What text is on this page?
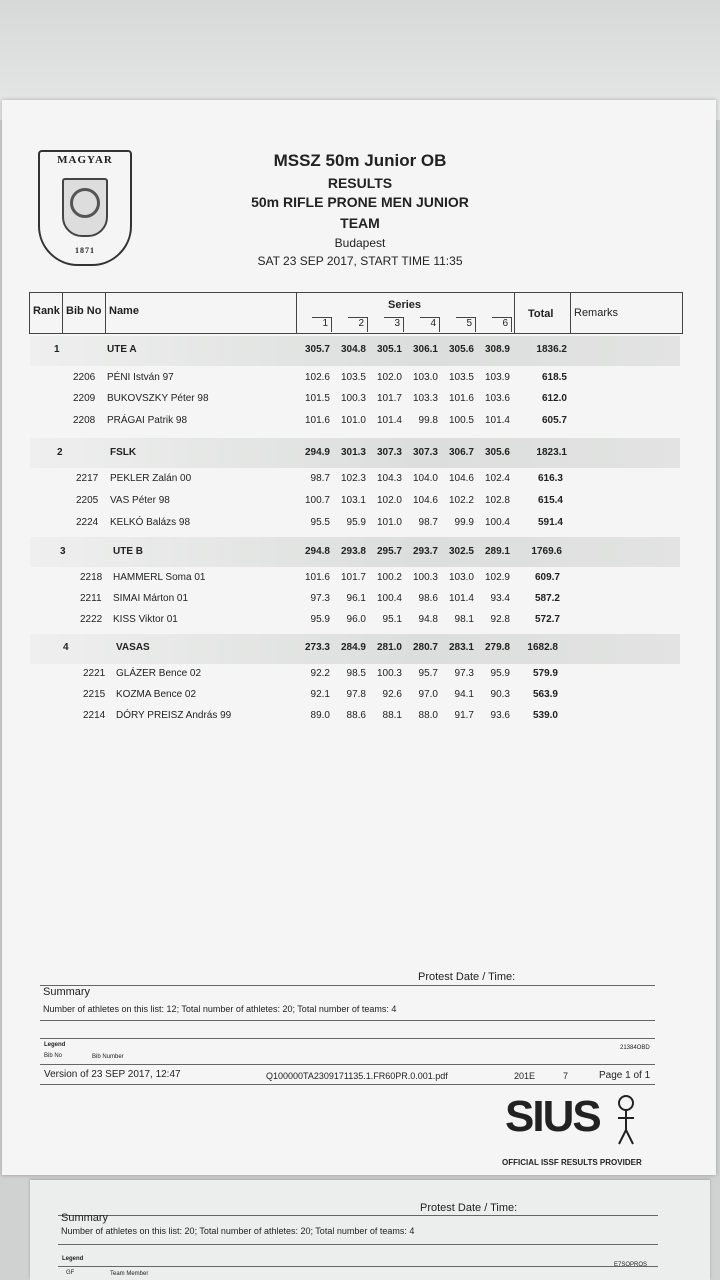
MAGYAR
1871
MSSZ 50m Junior OB
RESULTS
50m RIFLE PRONE MEN JUNIOR
TEAM
Budapest
SAT 23 SEP 2017, START TIME 11:35
Rank Bib No Name	Series
1	2	3	4	5	6
Total Remarks
1	UTE A	305.7	304.8	305.1	306.1	305.6	308.9	1836.2
2206 PÉNI István 97	102.6	103.5	102.0	103.0	103.5	103.9	618.5
2209 BUKOVSZKY Péter 98	101.5	100.3	101.7	103.3	101.6	103.6	612.0
2208 PRÁGAI Patrik 98	101.6	101.0	101.4	99.8	100.5	101.4	605.7
2	FSLK	294.9	301.3	307.3	307.3	306.7	305.6	1823.1
2217 PEKLER Zalán 00	98.7	102.3	104.3	104.0	104.6	102.4	616.3
2205 VAS Péter 98	100.7	103.1	102.0	104.6	102.2	102.8	615.4
2224 KELKÓ Balázs 98	95.5	95.9	101.0	98.7	99.9	100.4	591.4
3	UTE B	294.8	293.8	295.7	293.7	302.5	289.1	1769.6
2218 HAMMERL Soma 01	101.6	101.7	100.2	100.3	103.0	102.9	609.7
2211 SIMAI Márton 01	97.3	96.1	100.4	98.6	101.4	93.4	587.2
2222 KISS Viktor 01	95.9	96.0	95.1	94.8	98.1	92.8	572.7
4	VASAS	273.3	284.9	281.0	280.7	283.1	279.8	1682.8
2221 GLÁZER Bence 02	92.2	98.5	100.3	95.7	97.3	95.9	579.9
2215 KOZMA Bence 02	92.1	97.8	92.6	97.0	94.1	90.3	563.9
2214 DÓRY PREISZ András 99	89.0	88.6	88.1	88.0	91.7	93.6	539.0
Protest Date / Time:
Summary
Number of athletes on this list: 12; Total number of athletes: 20; Total number of teams: 4
Legend	21384OBD
Bib No	Bib Number
Version of 23 SEP 2017, 12:47	Q100000TA2309171135.1.FR60PR.0.001.pdf	201E	7	Page 1 of 1
SIUS
OFFICIAL ISSF RESULTS PROVIDER
Protest Date / Time:
Summary
Number of athletes on this list: 20; Total number of athletes: 20; Total number of teams: 4
Legend
E7SOPROS
GF	Team Member
